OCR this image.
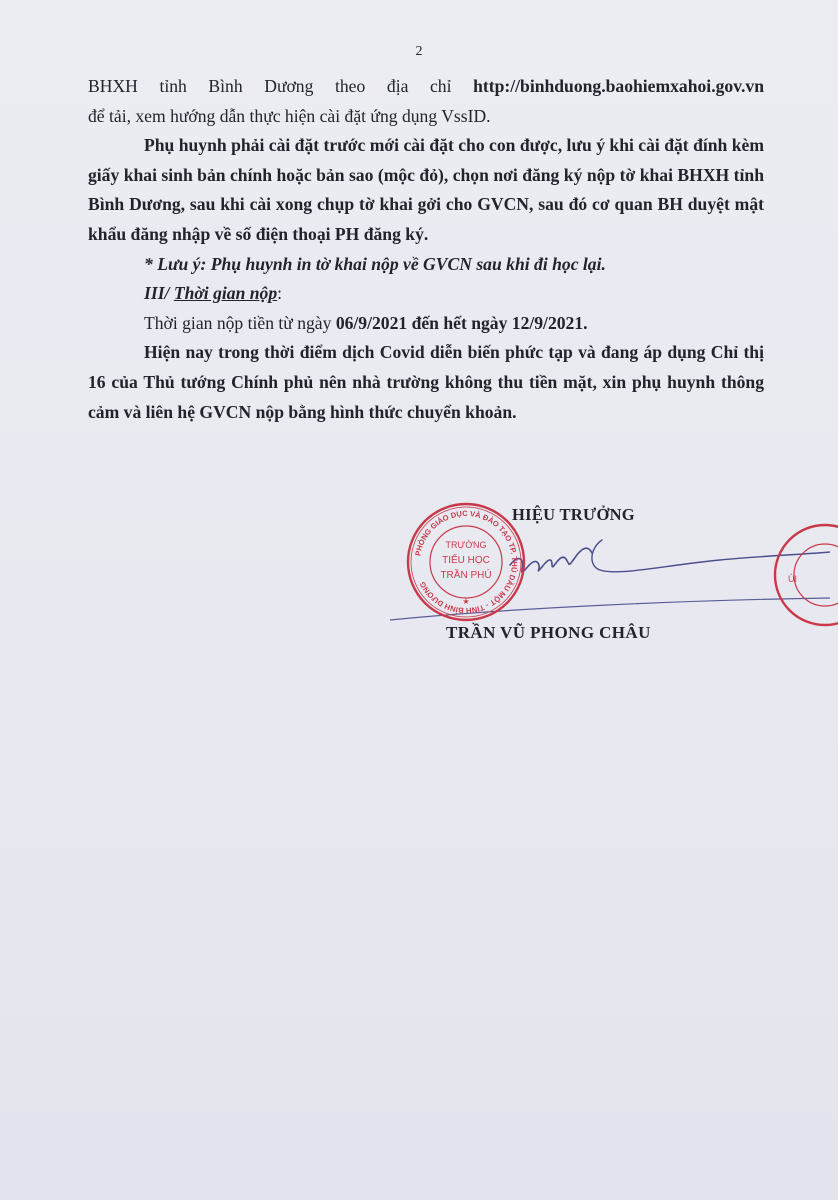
2

BHXH tỉnh Bình Dương theo địa chỉ http://binhduong.baohiemxahoi.gov.vn

để tải, xem hướng dẫn thực hiện cài đặt ứng dụng VssID.

Phụ huynh phải cài đặt trước mới cài đặt cho con được, lưu ý khi cài đặt đính kèm giấy khai sinh bản chính hoặc bản sao (mộc đỏ), chọn nơi đăng ký nộp tờ khai BHXH tỉnh Bình Dương, sau khi cài xong chụp tờ khai gởi cho GVCN, sau đó cơ quan BH duyệt mật khẩu đăng nhập về số điện thoại PH đăng ký.

* Lưu ý: Phụ huynh in tờ khai nộp về GVCN sau khi đi học lại.

III/ Thời gian nộp:

Thời gian nộp tiền từ ngày 06/9/2021 đến hết ngày 12/9/2021.

Hiện nay trong thời điểm dịch Covid diễn biến phức tạp và đang áp dụng Chỉ thị 16 của Thủ tướng Chính phủ nên nhà trường không thu tiền mặt, xin phụ huynh thông cảm và liên hệ GVCN nộp bằng hình thức chuyển khoản.

HIỆU TRƯỞNG
PHÒNG GIÁO DỤC VÀ ĐÀO TẠO TP. THỦ DẦU MỘT - TỈNH BÌNH DƯƠNG
TRƯỜNG
TIỂU HỌC
TRẦN PHÚ
★
ÚI
TRẦN VŨ PHONG CHÂU
